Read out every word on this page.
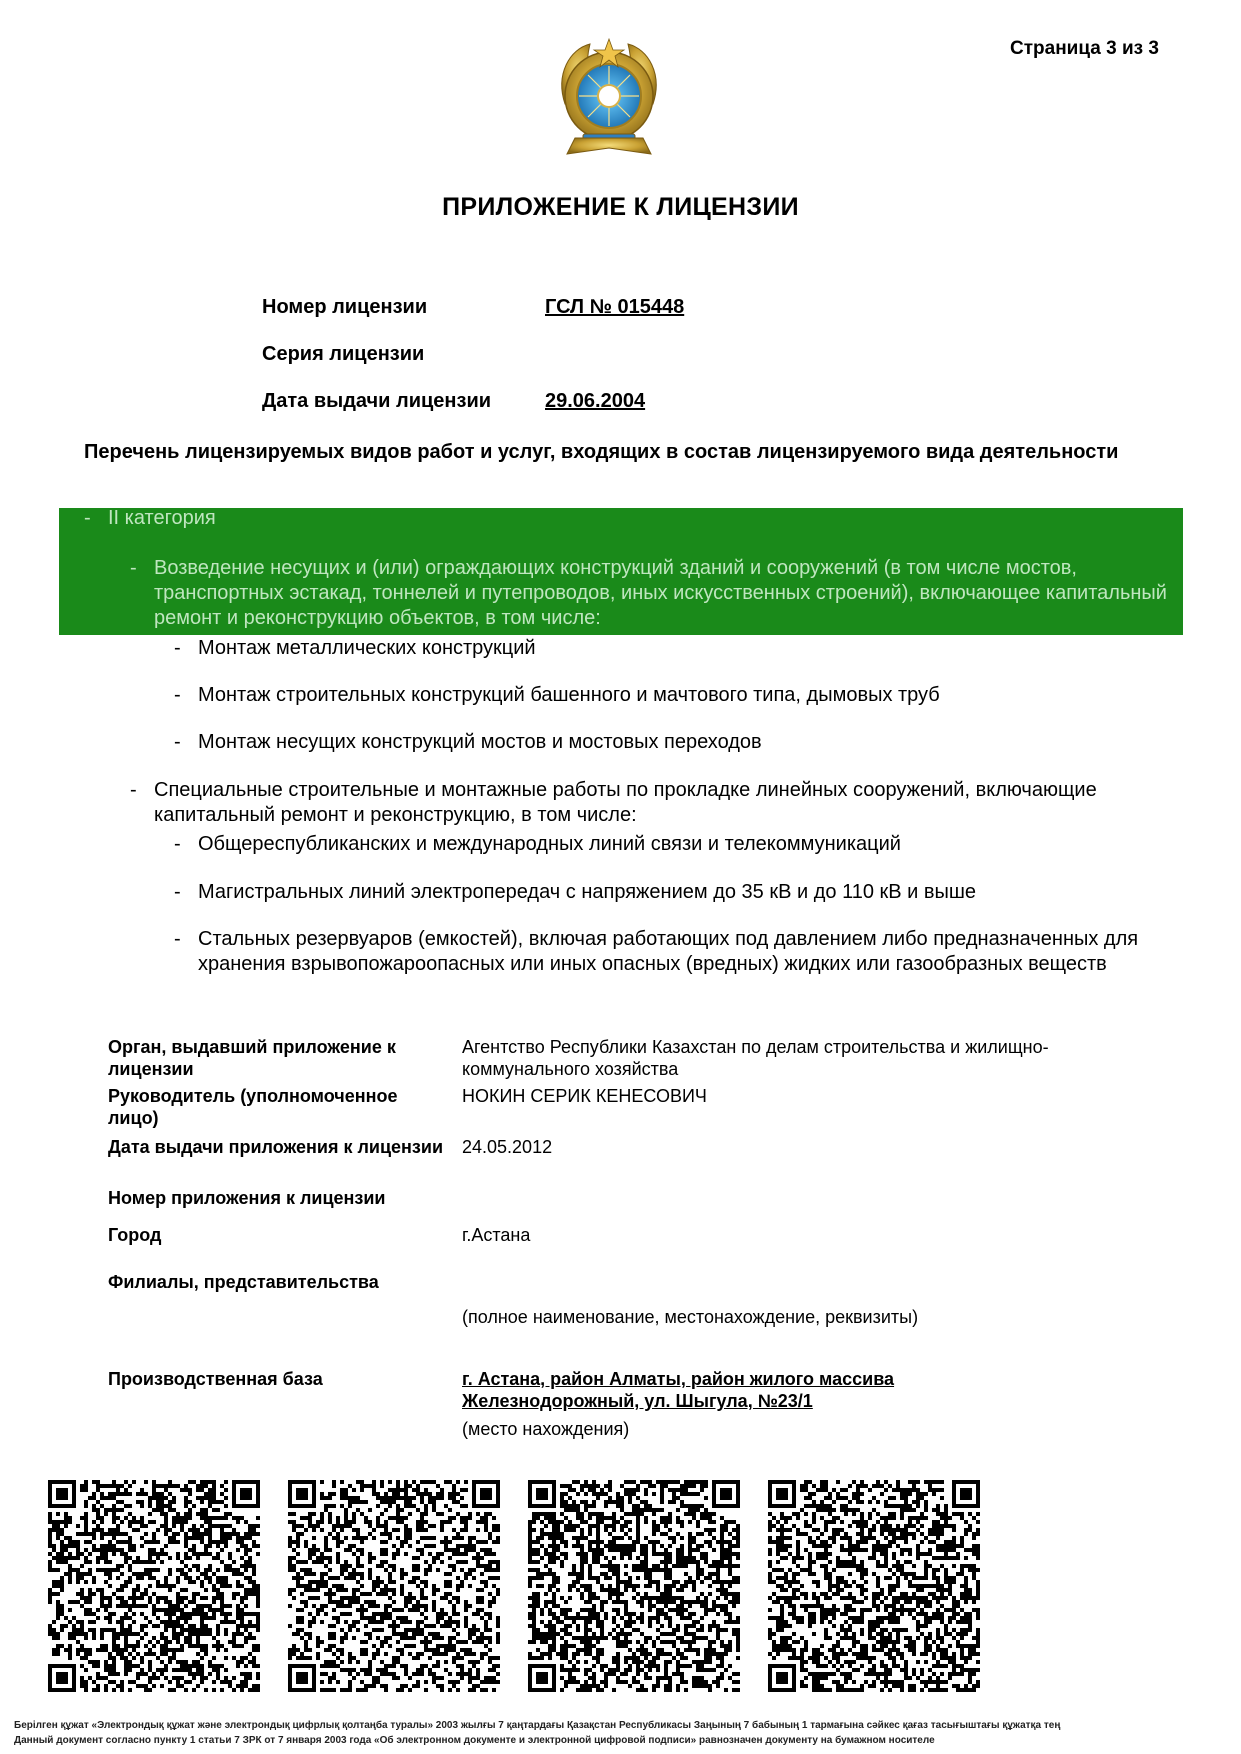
Страница 3 из 3
ПРИЛОЖЕНИЕ К ЛИЦЕНЗИИ
Номер лицензии	ГСЛ № 015448
Серия лицензии
Дата выдачи лицензии	29.06.2004
Перечень лицензируемых видов работ и услуг, входящих в состав лицензируемого вида деятельности
- II категория
- Возведение несущих и (или) ограждающих конструкций зданий и сооружений (в том числе мостов, транспортных эстакад, тоннелей и путепроводов, иных искусственных строений), включающее капитальный ремонт и реконструкцию объектов, в том числе:
- Монтаж металлических конструкций
- Монтаж строительных конструкций башенного и мачтового типа, дымовых труб
- Монтаж несущих конструкций мостов и мостовых переходов
- Специальные строительные и монтажные работы по прокладке линейных сооружений, включающие капитальный ремонт и реконструкцию, в том числе:
- Общереспубликанских и международных линий связи и телекоммуникаций
- Магистральных линий электропередач с напряжением до 35 кВ и до 110 кВ и выше
- Стальных резервуаров (емкостей), включая работающих под давлением либо предназначенных для хранения взрывопожароопасных или иных опасных (вредных) жидких или газообразных веществ
Орган, выдавший приложение к лицензии
Агентство Республики Казахстан по делам строительства и жилищно-коммунального хозяйства
Руководитель (уполномоченное лицо)
НОКИН СЕРИК КЕНЕСОВИЧ
Дата выдачи приложения к лицензии	24.05.2012
Номер приложения к лицензии
Город	г.Астана
Филиалы, представительства
(полное наименование, местонахождение, реквизиты)
Производственная база	г. Астана, район Алматы, район жилого массива Железнодорожный, ул. Шыгула, №23/1
(место нахождения)
Берілген құжат «Электрондық құжат және электрондық цифрлық қолтаңба туралы» 2003 жылғы 7 қаңтардағы Қазақстан Республикасы Заңының 7 бабының 1 тармағына сәйкес қағаз тасығыштағы құжатқа тең
Данный документ согласно пункту 1 статьи 7 ЗРК от 7 января 2003 года «Об электронном документе и электронной цифровой подписи» равнозначен документу на бумажном носителе
